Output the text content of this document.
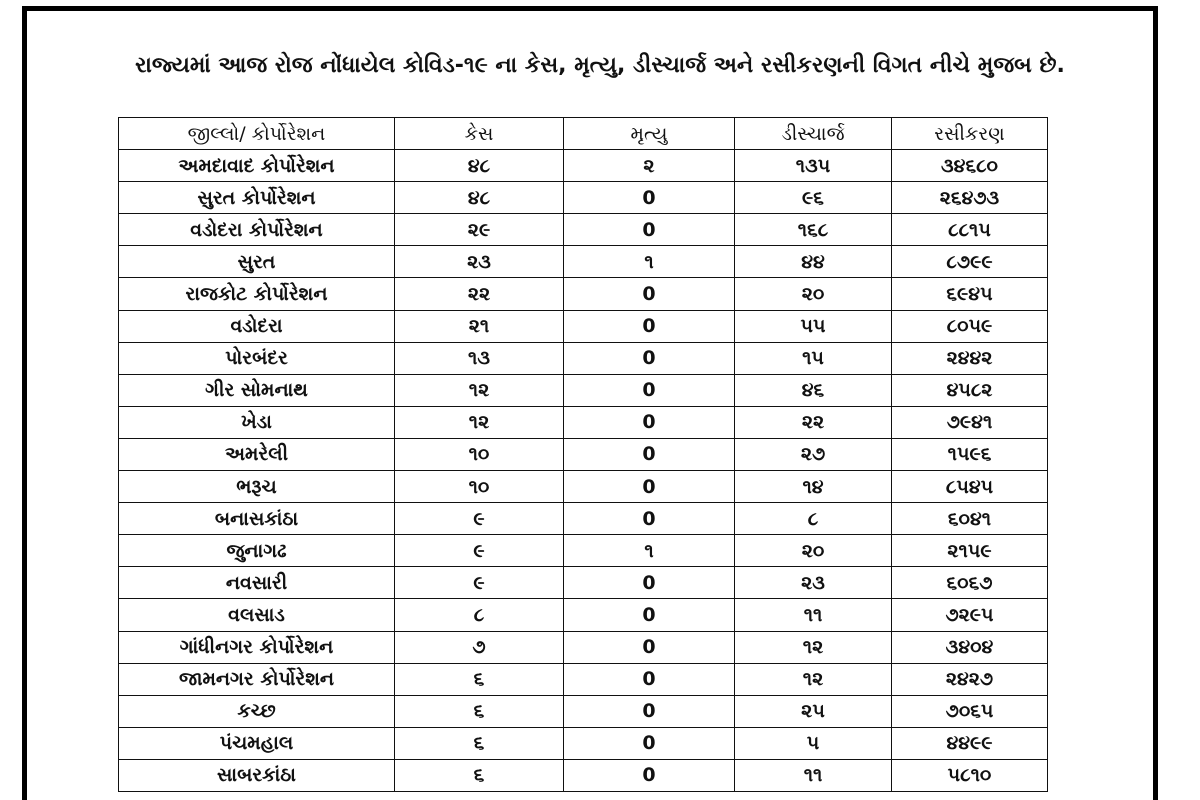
રાજ્યમાં આજ રોજ નોંધાયેલ કોવિડ-૧૯ ના કેસ, મૃત્યુ, ડીસ્ચાર્જ અને રસીકરણની વિગત નીચે મુજબ છે.
જીલ્લો/ કોર્પોરેશન	કેસ	મૃત્યુ	ડીસ્ચાર્જ	રસીકરણ
અમદાવાદ કોર્પોરેશન	૪૮	૨	૧૩૫	૩૪૬૮૦
સુરત કોર્પોરેશન	૪૮	0	૯૬	૨૬૪૭૩
વડોદરા કોર્પોરેશન	૨૯	0	૧૬૮	૮૮૧૫
સુરત	૨૩	૧	૪૪	૮૭૯૯
રાજકોટ કોર્પોરેશન	૨૨	0	૨૦	૬૯૪૫
વડોદરા	૨૧	0	૫૫	૮૦૫૯
પોરબંદર	૧૩	0	૧૫	૨૪૪૨
ગીર સોમનાથ	૧૨	0	૪૬	૪૫૮૨
ખેડા	૧૨	0	૨૨	૭૯૪૧
અમરેલી	૧૦	0	૨૭	૧૫૯૬
ભરૂચ	૧૦	0	૧૪	૮૫૪૫
બનાસકાંઠા	૯	0	૮	૬૦૪૧
જુનાગઢ	૯	૧	૨૦	૨૧૫૯
નવસારી	૯	0	૨૩	૬૦૬૭
વલસાડ	૮	0	૧૧	૭૨૯૫
ગાંધીનગર કોર્પોરેશન	૭	0	૧૨	૩૪૦૪
જામનગર કોર્પોરેશન	૬	0	૧૨	૨૪૨૭
કચ્છ	૬	0	૨૫	૭૦૬૫
પંચમહાલ	૬	0	૫	૪૪૯૯
સાબરકાંઠા	૬	0	૧૧	૫૮૧૦
